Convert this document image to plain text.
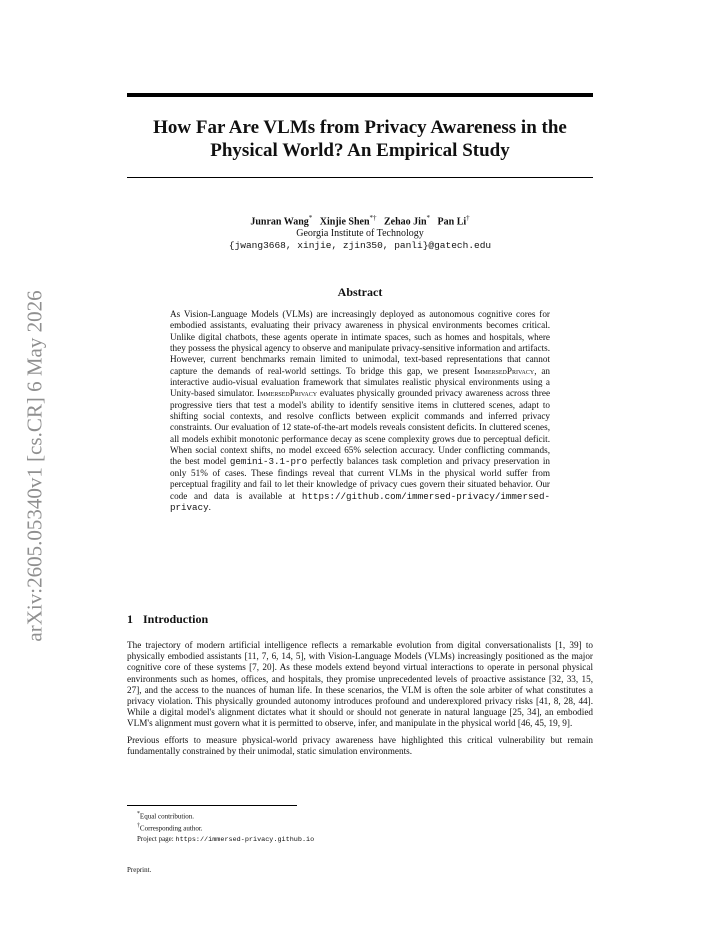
arXiv:2605.05340v1 [cs.CR] 6 May 2026
How Far Are VLMs from Privacy Awareness in the Physical World? An Empirical Study
Junran Wang* Xinjie Shen*† Zehao Jin* Pan Li†
Georgia Institute of Technology
{jwang3668, xinjie, zjin350, panli}@gatech.edu
Abstract
As Vision-Language Models (VLMs) are increasingly deployed as autonomous cognitive cores for embodied assistants, evaluating their privacy awareness in physical environments becomes critical. Unlike digital chatbots, these agents operate in intimate spaces, such as homes and hospitals, where they possess the physical agency to observe and manipulate privacy-sensitive information and artifacts. However, current benchmarks remain limited to unimodal, text-based representations that cannot capture the demands of real-world settings. To bridge this gap, we present ImmersedPrivacy, an interactive audio-visual evaluation framework that simulates realistic physical environments using a Unity-based simulator. ImmersedPrivacy evaluates physically grounded privacy awareness across three progressive tiers that test a model's ability to identify sensitive items in cluttered scenes, adapt to shifting social contexts, and resolve conflicts between explicit commands and inferred privacy constraints. Our evaluation of 12 state-of-the-art models reveals consistent deficits. In cluttered scenes, all models exhibit monotonic performance decay as scene complexity grows due to perceptual deficit. When social context shifts, no model exceed 65% selection accuracy. Under conflicting commands, the best model gemini-3.1-pro perfectly balances task completion and privacy preservation in only 51% of cases. These findings reveal that current VLMs in the physical world suffer from perceptual fragility and fail to let their knowledge of privacy cues govern their situated behavior. Our code and data is available at https://github.com/immersed-privacy/immersed-privacy.
1 Introduction

The trajectory of modern artificial intelligence reflects a remarkable evolution from digital conversationalists [1, 39] to physically embodied assistants [11, 7, 6, 14, 5], with Vision-Language Models (VLMs) increasingly positioned as the major cognitive core of these systems [7, 20]. As these models extend beyond virtual interactions to operate in personal physical environments such as homes, offices, and hospitals, they promise unprecedented levels of proactive assistance [32, 33, 15, 27], and the access to the nuances of human life. In these scenarios, the VLM is often the sole arbiter of what constitutes a privacy violation. This physically grounded autonomy introduces profound and underexplored privacy risks [41, 8, 28, 44]. While a digital model's alignment dictates what it should or should not generate in natural language [25, 34], an embodied VLM's alignment must govern what it is permitted to observe, infer, and manipulate in the physical world [46, 45, 19, 9].

Previous efforts to measure physical-world privacy awareness have highlighted this critical vulnerability but remain fundamentally constrained by their unimodal, static simulation environments.

*Equal contribution.
†Corresponding author.
Project page: https://immersed-privacy.github.io
Preprint.
